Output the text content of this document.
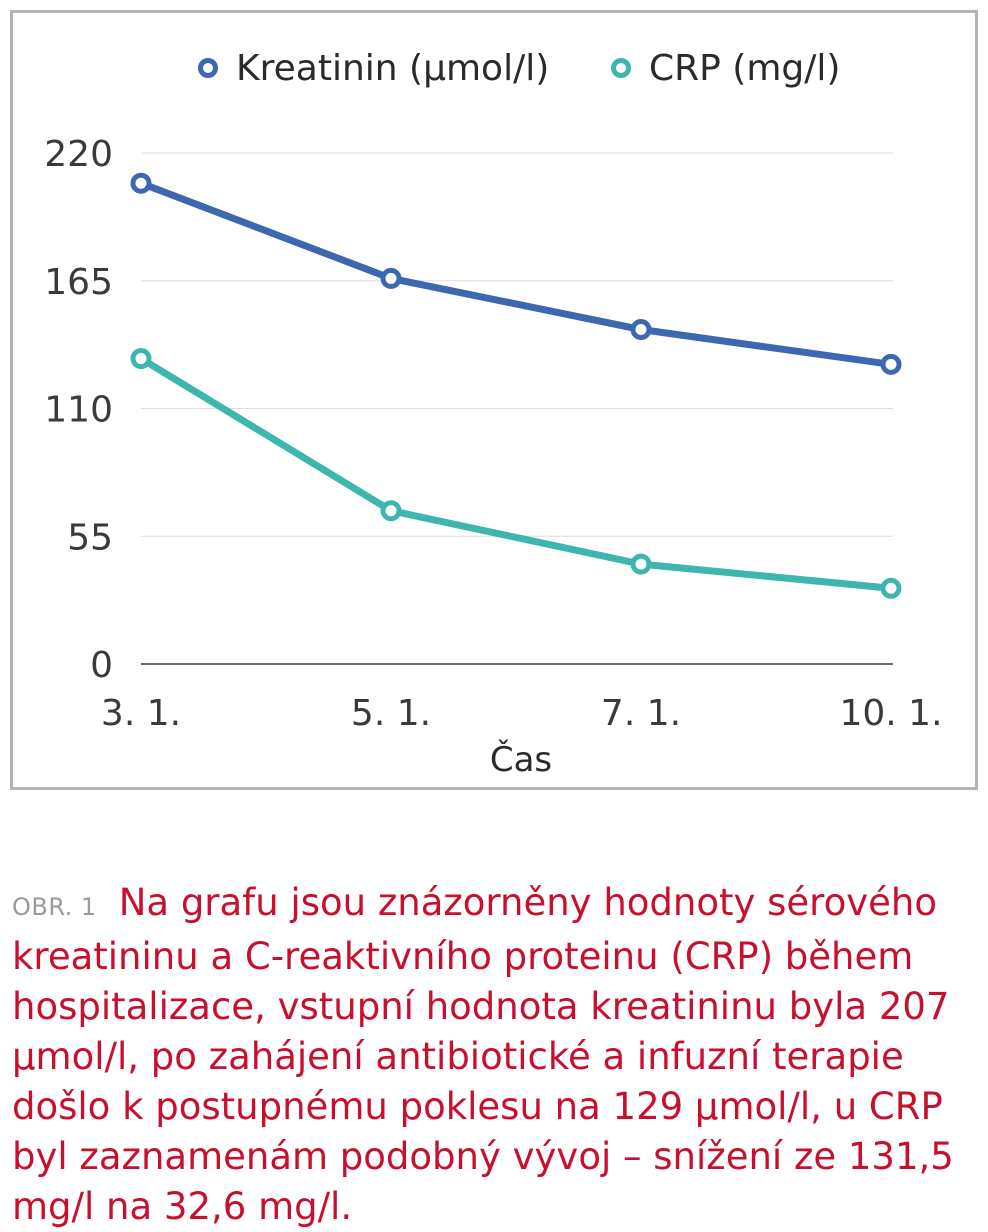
0
55
110
165
220
3. 1.	5. 1.	7. 1.	10. 1.
Kreatinin (µmol/l)	CRP (mg/l)
Čas
OBR. 1 Na grafu jsou znázorněny hodnoty sérového kreatininu a C-reaktivního proteinu (CRP) během hospitalizace, vstupní hodnota kreatininu byla 207 µmol/l, po zahájení antibiotické a infuzní terapie došlo k postupnému poklesu na 129 µmol/l, u CRP byl zaznamenám podobný vývoj – snížení ze 131,5 mg/l na 32,6 mg/l.
